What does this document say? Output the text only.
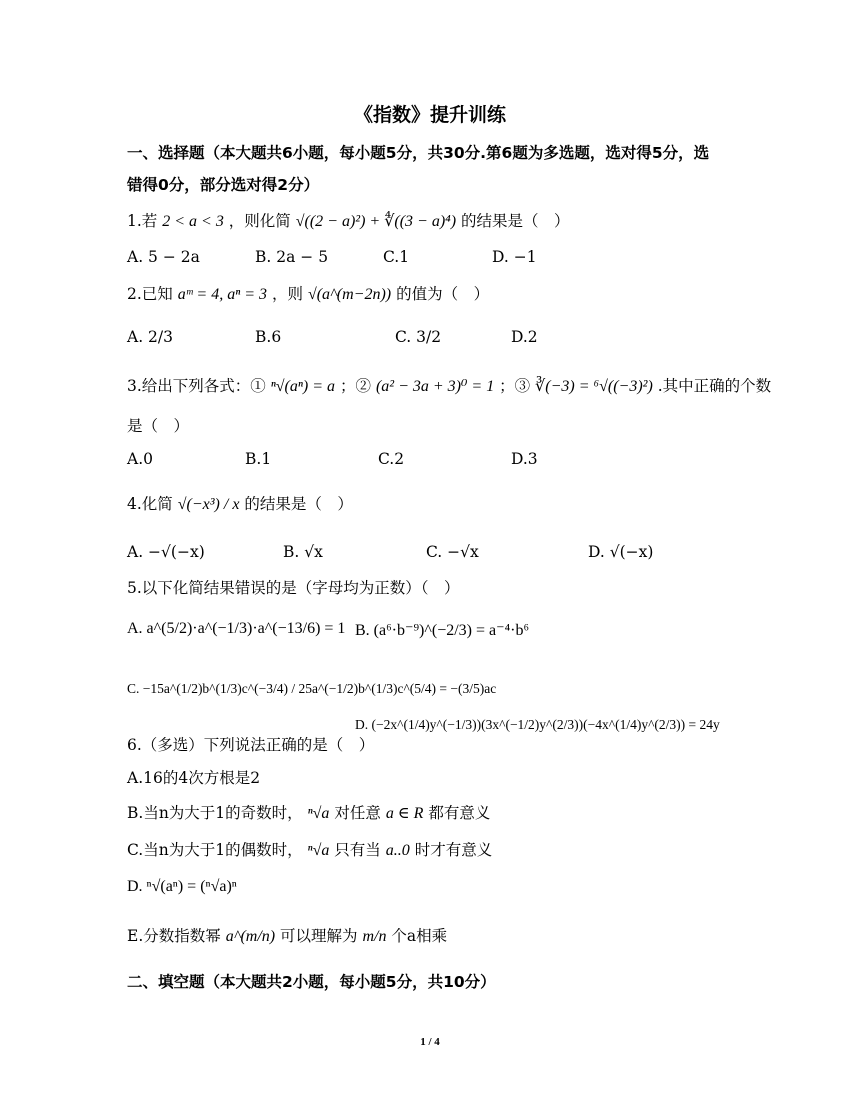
《指数》提升训练
一、选择题（本大题共6小题，每小题5分，共30分.第6题为多选题，选对得5分，选
错得0分，部分选对得2分）
1.若 2 < a < 3 ，则化简 √((2 − a)²) + ∜((3 − a)⁴) 的结果是（　）
A. 5 − 2a	B. 2a − 5	C.1	D. −1
2.已知 aᵐ = 4, aⁿ = 3 ，则 √(a^(m−2n)) 的值为（　）
A. 2/3	B.6	C. 3/2	D.2
3.给出下列各式：① ⁿ√(aⁿ) = a ；② (a² − 3a + 3)⁰ = 1 ；③ ∛(−3) = ⁶√((−3)²) .其中正确的个数
是（　）
A.0	B.1	C.2	D.3
4.化简 √(−x³) / x 的结果是（　）
A. −√(−x)	B. √x	C. −√x	D. √(−x)
5.以下化简结果错误的是（字母均为正数）（　）
A. a^(5/2)·a^(−1/3)·a^(−13/6) = 1 B. (a⁶·b⁻⁹)^(−2/3) = a⁻⁴·b⁶
C. −15a^(1/2)b^(1/3)c^(−3/4) / 25a^(−1/2)b^(1/3)c^(5/4) = −(3/5)ac
D. (−2x^(1/4)y^(−1/3))(3x^(−1/2)y^(2/3))(−4x^(1/4)y^(2/3)) = 24y
6.（多选）下列说法正确的是（　）
A.16的4次方根是2
B.当n为大于1的奇数时， ⁿ√a 对任意 a ∈ R 都有意义
C.当n为大于1的偶数时， ⁿ√a 只有当 a..0 时才有意义
D. ⁿ√(aⁿ) = (ⁿ√a)ⁿ
E.分数指数幂 a^(m/n) 可以理解为 m/n 个a相乘
二、填空题（本大题共2小题，每小题5分，共10分）
1 / 4
